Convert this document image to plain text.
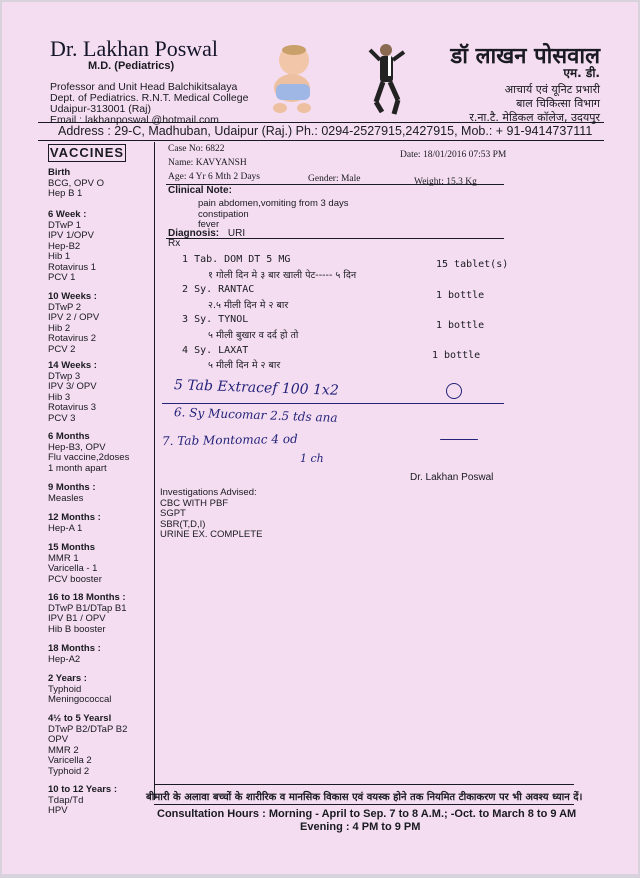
Dr. Lakhan Poswal
M.D. (Pediatrics)
Professor and Unit Head Balchikitsalaya
Dept. of Pediatrics. R.N.T. Medical College
Udaipur-313001 (Raj)
Email : lakhanposwal @hotmail.com
डॉ लाखन पोसवाल
एम. डी.
आचार्य एवं यूनिट प्रभारी
बाल चिकित्सा विभाग
र.ना.टै. मेडिकल कॉलेज, उदयपुर
Address : 29-C, Madhuban, Udaipur (Raj.) Ph.: 0294-2527915,2427915, Mob.: + 91-9414737111
VACCINES
Birth
BCG, OPV O
Hep B 1
6 Week :
DTwP 1
IPV 1/OPV
Hep-B2
Hib 1
Rotavirus 1
PCV 1
10 Weeks :
DTwP 2
IPV 2 / OPV
Hib 2
Rotavirus 2
PCV 2
14 Weeks :
DTwp 3
IPV 3/ OPV
Hib 3
Rotavirus 3
PCV 3
6 Months
Hep-B3, OPV
Flu vaccine,2doses
1 month apart
9 Months :
Measles
12 Months :
Hep-A 1
15 Months
MMR 1
Varicella - 1
PCV booster
16 to 18 Months :
DTwP B1/DTap B1
IPV B1 / OPV
Hib B booster
18 Months :
Hep-A2
2 Years :
Typhoid
Meningococcal
4½ to 5 Yearsl
DTwP B2/DTaP B2
OPV
MMR 2
Varicella 2
Typhoid 2
10 to 12 Years :
Tdap/Td
HPV
Case No: 6822
Date: 18/01/2016 07:53 PM
Name: KAVYANSH
Age: 4 Yr 6 Mth 2 Days	Gender: Male	Weight: 15.3 Kg
Clinical Note:
pain abdomen,vomiting from 3 days
constipation
fever
Diagnosis: URI
Rx
1 Tab. DOM DT 5 MG
१ गोली दिन मे ३ बार खाली पेट----- ५ दिन
15 tablet(s)
2 Sy. RANTAC
२.५ मीली दिन मे २ बार
1 bottle
3 Sy. TYNOL
५ मीली बुखार व दर्द हो तो
1 bottle
4 Sy. LAXAT
५ मीली दिन मे २ बार
1 bottle
5 Tab Extracef 100 1x2
6. Sy Mucomar 2.5 tds ana
7. Tab Montomac 4 od
1 ch
Dr. Lakhan Poswal
Investigations Advised:
CBC WITH PBF
SGPT
SBR(T,D,I)
URINE EX. COMPLETE
बीमारी के अलावा बच्चों के शारीरिक व मानसिक विकास एवं वयस्क होने तक नियमित टीकाकरण पर भी अवश्य ध्यान दें।
Consultation Hours : Morning - April to Sep. 7 to 8 A.M.; -Oct. to March 8 to 9 AM
Evening : 4 PM to 9 PM
